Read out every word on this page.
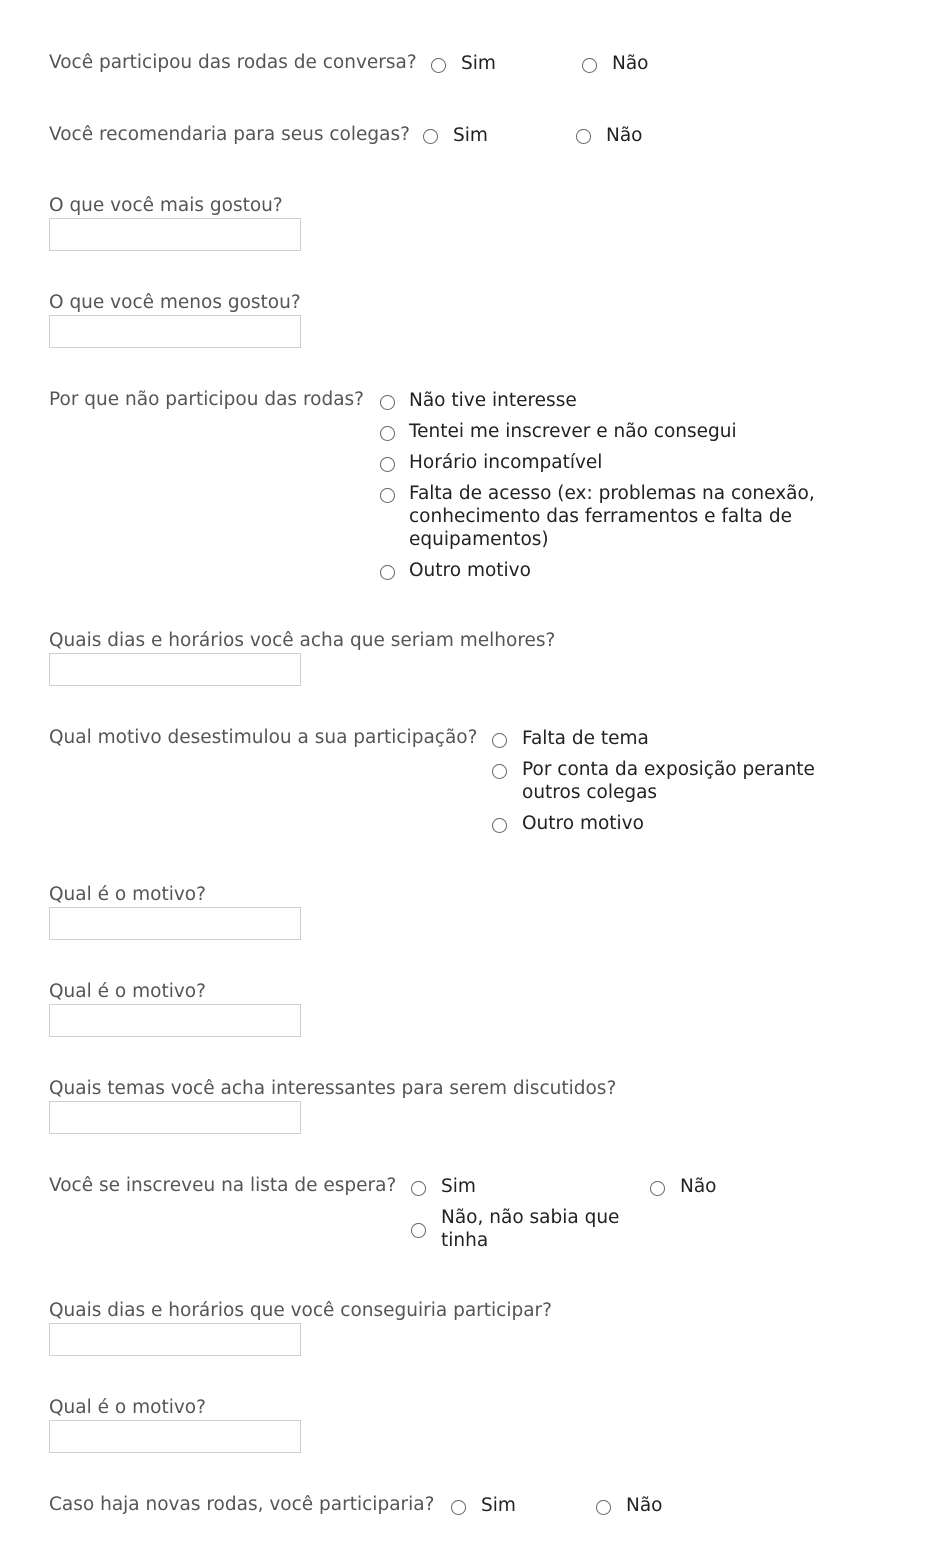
Você participou das rodas de conversa? Sim	Não
Você recomendaria para seus colegas? Sim	Não
O que você mais gostou?
O que você menos gostou?
Por que não participou das rodas? Não tive interesse
Tentei me inscrever e não consegui
Horário incompatível
Falta de acesso (ex: problemas na conexão,
conhecimento das ferramentos e falta de
equipamentos)
Outro motivo
Quais dias e horários você acha que seriam melhores?
Qual motivo desestimulou a sua participação? Falta de tema
Por conta da exposição perante
outros colegas
Outro motivo
Qual é o motivo?
Qual é o motivo?
Quais temas você acha interessantes para serem discutidos?
Você se inscreveu na lista de espera? Sim	Não
Não, não sabia que
tinha
Quais dias e horários que você conseguiria participar?
Qual é o motivo?
Caso haja novas rodas, você participaria?	Sim	Não
